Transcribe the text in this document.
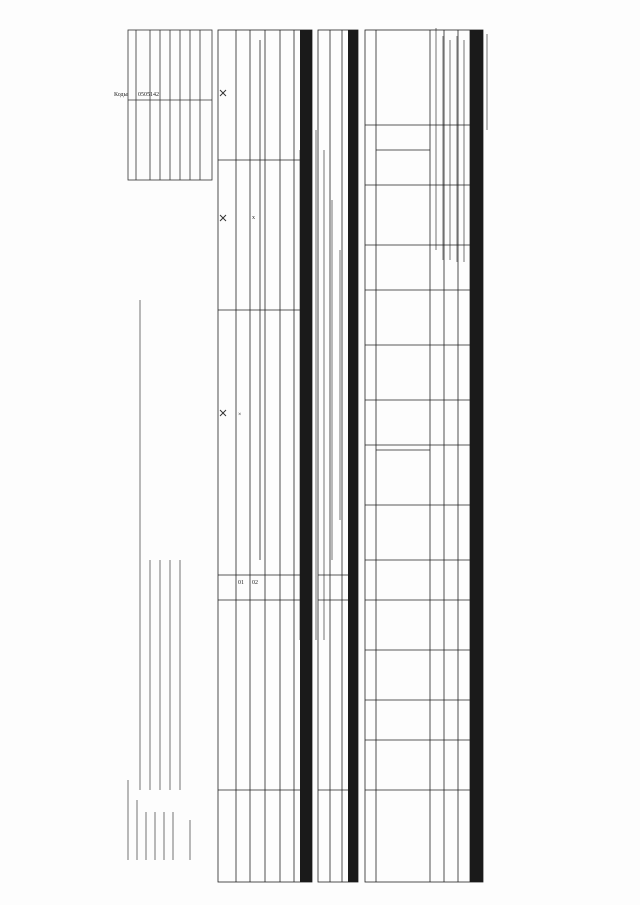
Коды 0505142
01 02
×
х
